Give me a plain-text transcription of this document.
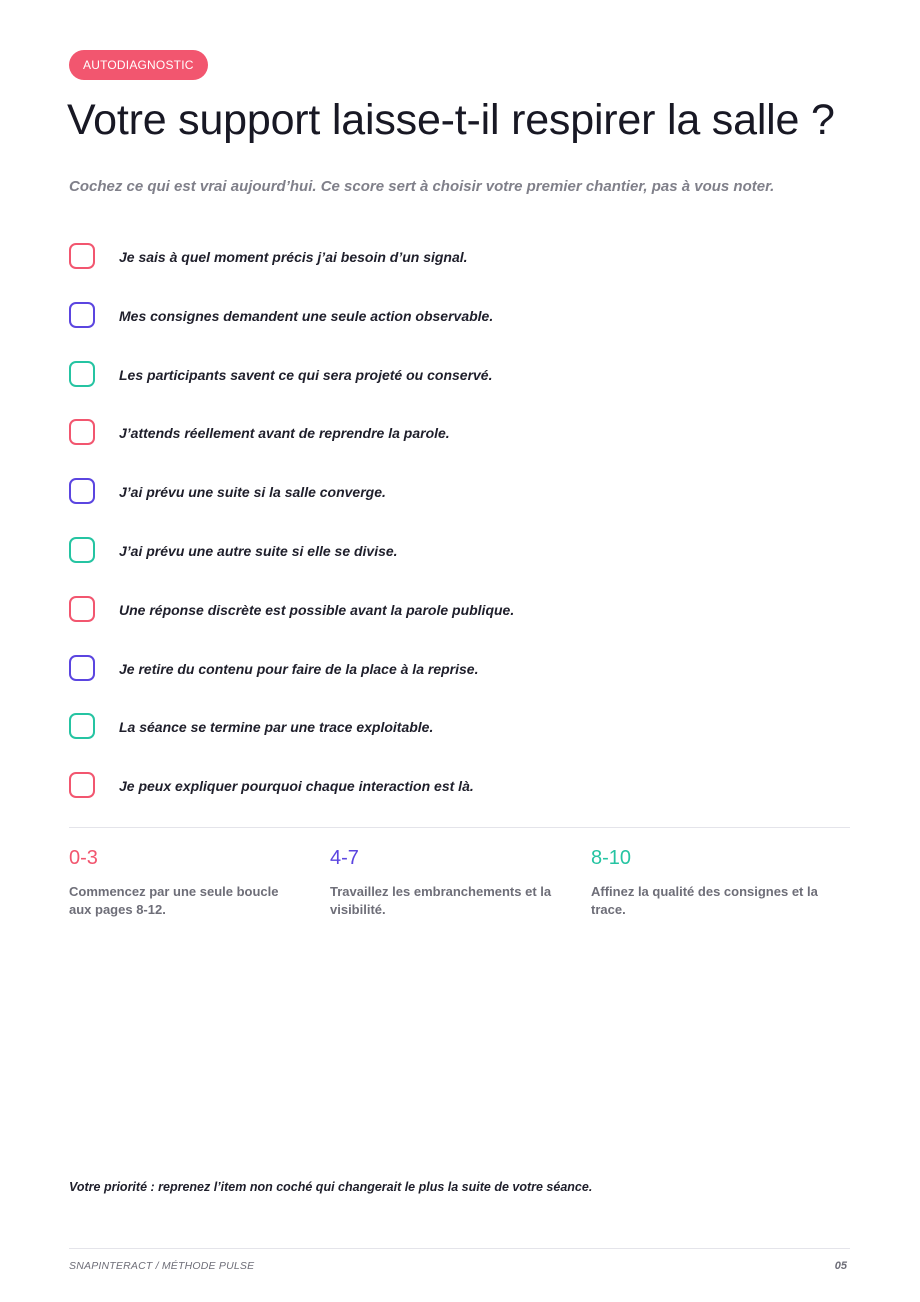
AUTODIAGNOSTIC
Votre support laisse-t-il respirer la salle ?

Cochez ce qui est vrai aujourd’hui. Ce score sert à choisir votre premier chantier, pas à vous noter.

Je sais à quel moment précis j’ai besoin d’un signal.
Mes consignes demandent une seule action observable.
Les participants savent ce qui sera projeté ou conservé.
J’attends réellement avant de reprendre la parole.
J’ai prévu une suite si la salle converge.
J’ai prévu une autre suite si elle se divise.
Une réponse discrète est possible avant la parole publique.
Je retire du contenu pour faire de la place à la reprise.
La séance se termine par une trace exploitable.
Je peux expliquer pourquoi chaque interaction est là.

0-3

Commencez par une seule boucle aux pages 8-12.

4-7

Travaillez les embranchements et la visibilité.

8-10

Affinez la qualité des consignes et la trace.

Votre priorité : reprenez l’item non coché qui changerait le plus la suite de votre séance.

SNAPINTERACT / MÉTHODE PULSE	05
